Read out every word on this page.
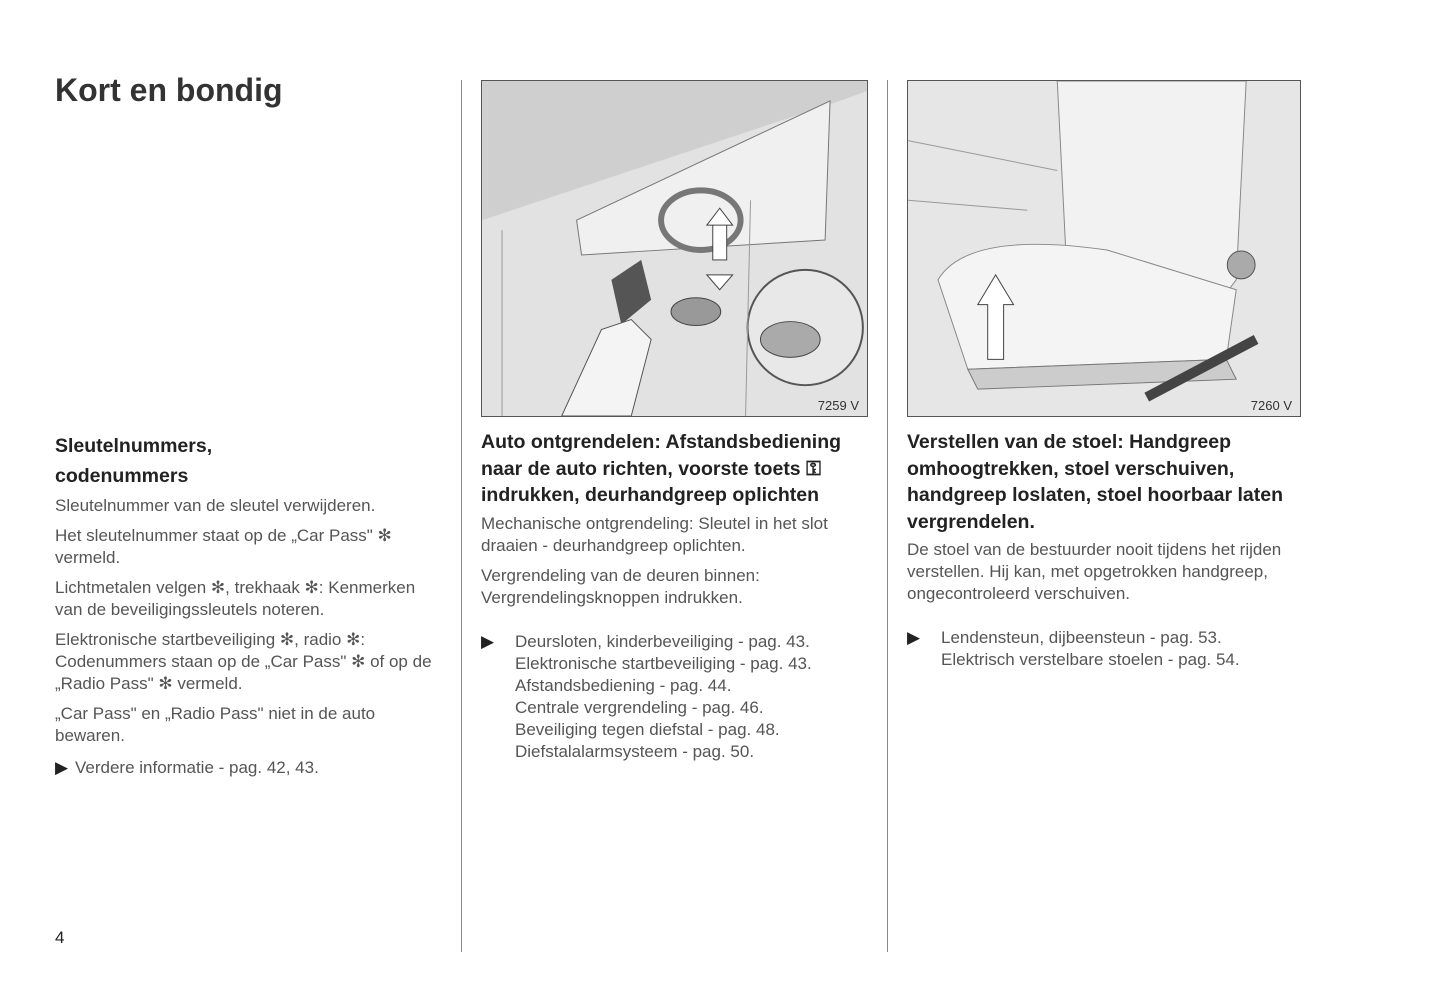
Kort en bondig
Sleutelnummers,
codenummers
Sleutelnummer van de sleutel verwijderen.
Het sleutelnummer staat op de „Car Pass" ✻ vermeld.
Lichtmetalen velgen ✻, trekhaak ✻: Kenmerken van de beveiligingssleutels noteren.
Elektronische startbeveiliging ✻, radio ✻: Codenummers staan op de „Car Pass" ✻ of op de „Radio Pass" ✻ vermeld.
„Car Pass" en „Radio Pass" niet in de auto bewaren.
▶ Verdere informatie - pag. 42, 43.
7259 V
Auto ontgrendelen: Afstandsbediening naar de auto richten, voorste toets ⚿ indrukken, deurhandgreep oplichten
Mechanische ontgrendeling: Sleutel in het slot draaien - deurhandgreep oplichten.
Vergrendeling van de deuren binnen: Vergrendelingsknoppen indrukken.
▶	Deursloten, kinderbeveiliging - pag. 43.
Elektronische startbeveiliging - pag. 43.
Afstandsbediening - pag. 44.
Centrale vergrendeling - pag. 46.
Beveiliging tegen diefstal - pag. 48.
Diefstalalarmsysteem - pag. 50.
7260 V
Verstellen van de stoel: Handgreep omhoogtrekken, stoel verschuiven, handgreep loslaten, stoel hoorbaar laten vergrendelen.
De stoel van de bestuurder nooit tijdens het rijden verstellen. Hij kan, met opgetrokken handgreep, ongecontroleerd verschuiven.
▶	Lendensteun, dijbeensteun - pag. 53.
Elektrisch verstelbare stoelen - pag. 54.
4
